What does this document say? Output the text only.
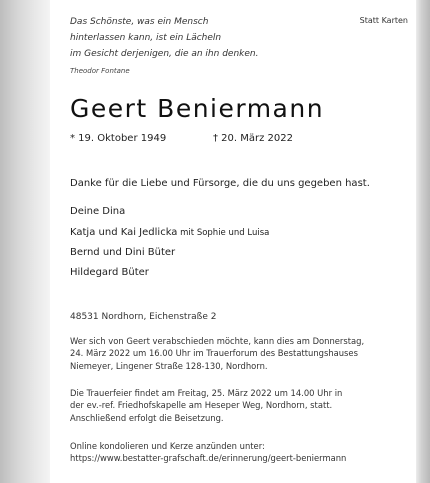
Das Schönste, was ein Mensch
hinterlassen kann, ist ein Lächeln
im Gesicht derjenigen, die an ihn denken.
Theodor Fontane
Statt Karten
Geert Beniermann
* 19. Oktober 1949	† 20. März 2022
Danke für die Liebe und Fürsorge, die du uns gegeben hast.
Deine Dina
Katja und Kai Jedlicka mit Sophie und Luisa
Bernd und Dini Büter
Hildegard Büter
48531 Nordhorn, Eichenstraße 2
Wer sich von Geert verabschieden möchte, kann dies am Donnerstag,
24. März 2022 um 16.00 Uhr im Trauerforum des Bestattungshauses
Niemeyer, Lingener Straße 128-130, Nordhorn.
Die Trauerfeier findet am Freitag, 25. März 2022 um 14.00 Uhr in
der ev.-ref. Friedhofskapelle am Heseper Weg, Nordhorn, statt.
Anschließend erfolgt die Beisetzung.
Online kondolieren und Kerze anzünden unter:
https://www.bestatter-grafschaft.de/erinnerung/geert-beniermann
